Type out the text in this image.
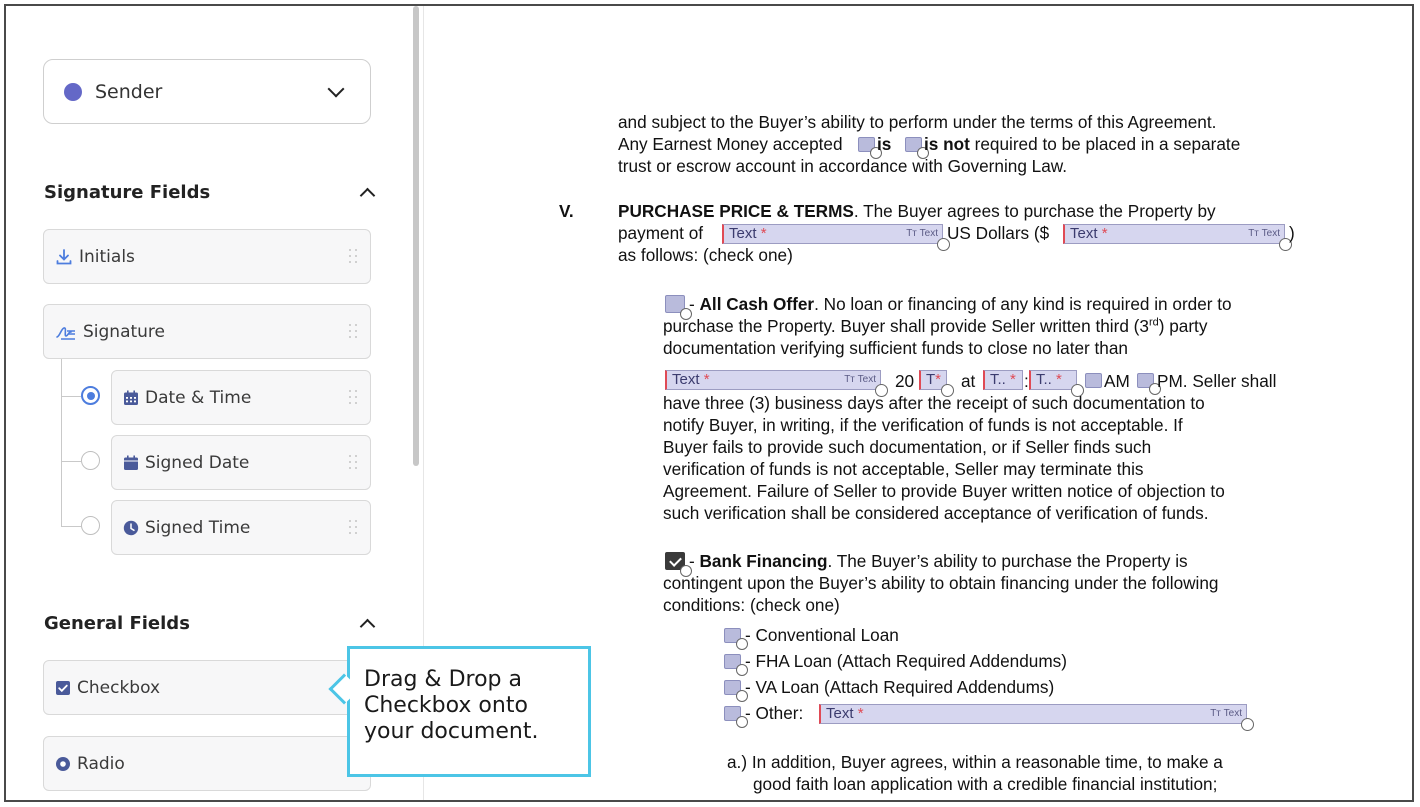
Sender
Signature Fields
Initials
Signature
Date & Time
Signed Date
Signed Time
General Fields
Checkbox
Radio
Drag & Drop a Checkbox onto your document.
and subject to the Buyer’s ability to perform under the terms of this Agreement.
Any Earnest Money accepted is is not required to be placed in a separate
trust or escrow account in accordance with Governing Law.
V.	PURCHASE PRICE & TERMS. The Buyer agrees to purchase the Property by
payment of	Text *	Tт Text US Dollars ($	Text *	Tт Text )
as follows: (check one)
- All Cash Offer. No loan or financing of any kind is required in order to
purchase the Property. Buyer shall provide Seller written third (3rd) party
documentation verifying sufficient funds to close no later than
Text *	Tт Text 20 T*	at T.. * : T.. *	AM PM. Seller shall
have three (3) business days after the receipt of such documentation to
notify Buyer, in writing, if the verification of funds is not acceptable. If
Buyer fails to provide such documentation, or if Seller finds such
verification of funds is not acceptable, Seller may terminate this
Agreement. Failure of Seller to provide Buyer written notice of objection to
such verification shall be considered acceptance of verification of funds.
- Bank Financing. The Buyer’s ability to purchase the Property is
contingent upon the Buyer’s ability to obtain financing under the following
conditions: (check one)
- Conventional Loan
- FHA Loan (Attach Required Addendums)
- VA Loan (Attach Required Addendums)
- Other:	Text *	Tт Text
a.) In addition, Buyer agrees, within a reasonable time, to make a
good faith loan application with a credible financial institution;
